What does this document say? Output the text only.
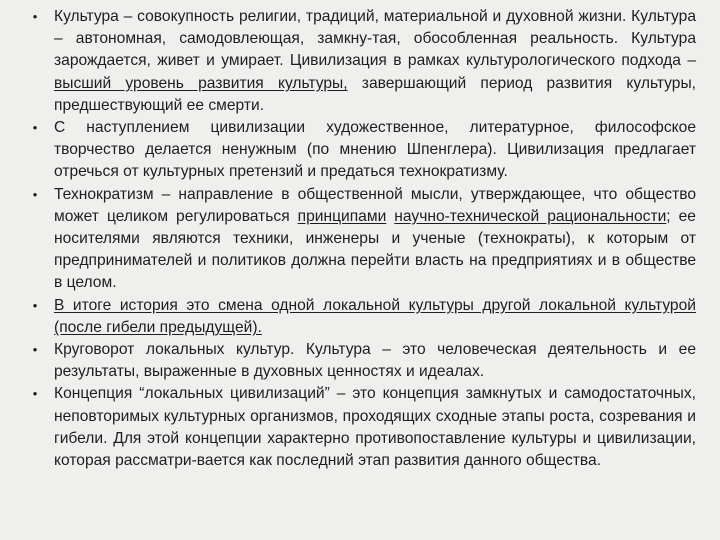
• Культура – совокупность религии, традиций, материальной и духовной жизни. Культура – автономная, самодовлеющая, замкну-тая, обособленная реальность. Культура зарождается, живет и умирает. Цивилизация в рамках культурологического подхода – высший уровень развития культуры, завершающий период развития культуры, предшествующий ее смерти.
• С наступлением цивилизации художественное, литературное, философское творчество делается ненужным (по мнению Шпенглера). Цивилизация предлагает отречься от культурных претензий и предаться технократизму.
• Технократизм – направление в общественной мысли, утверждающее, что общество может целиком регулироваться принципами научно-технической рациональности; ее носителями являются техники, инженеры и ученые (технократы), к которым от предпринимателей и политиков должна перейти власть на предприятиях и в обществе в целом.
• В итоге история это смена одной локальной культуры другой локальной культурой (после гибели предыдущей).
• Круговорот локальных культур. Культура – это человеческая деятельность и ее результаты, выраженные в духовных ценностях и идеалах.
• Концепция “локальных цивилизаций” – это концепция замкнутых и самодостаточных, неповторимых культурных организмов, проходящих сходные этапы роста, созревания и гибели. Для этой концепции характерно противопоставление культуры и цивилизации, которая рассматри-вается как последний этап развития данного общества.
